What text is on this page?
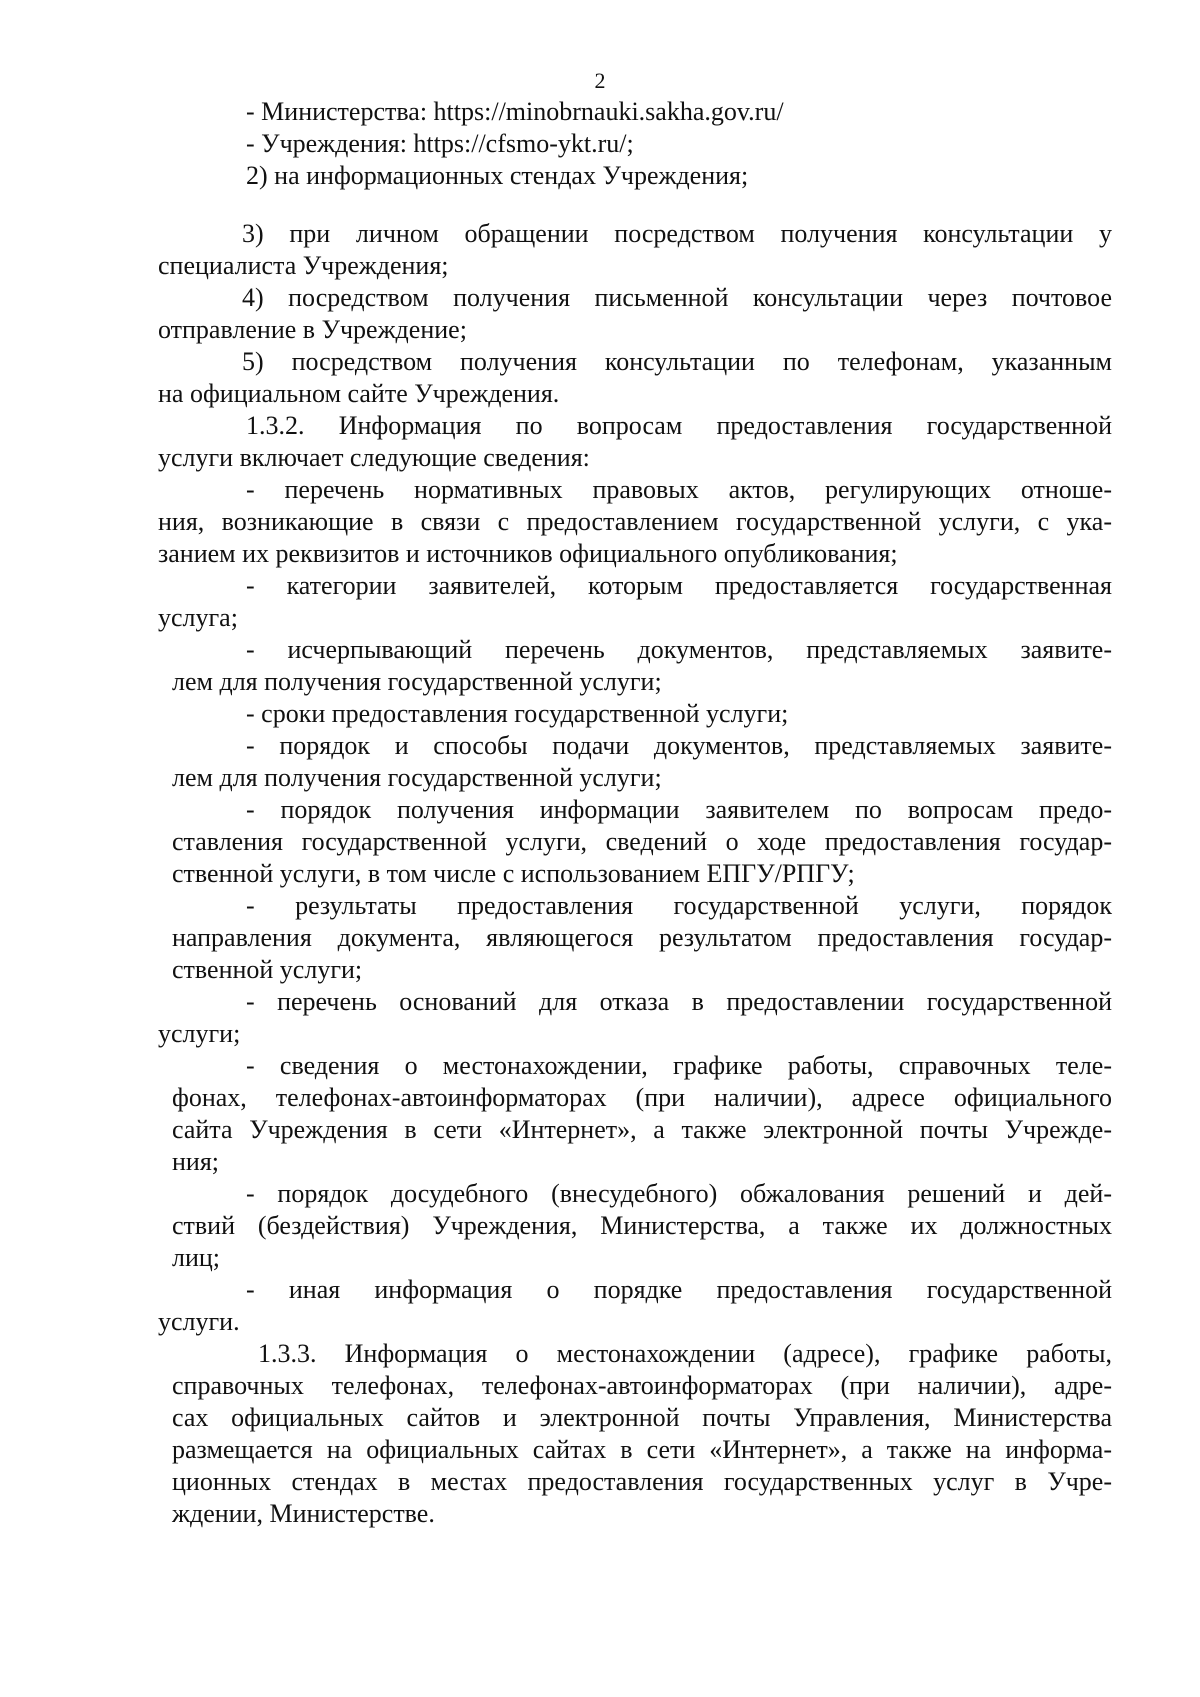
2
- Министерства: https://minobrnauki.sakha.gov.ru/
- Учреждения: https://cfsmo-ykt.ru/;
2) на информационных стендах Учреждения;
3) при личном обращении посредством получения консультации у
специалиста Учреждения;
4) посредством получения письменной консультации через почтовое
отправление в Учреждение;
5) посредством получения консультации по телефонам, указанным
на официальном сайте Учреждения.
1.3.2. Информация по вопросам предоставления государственной
услуги включает следующие сведения:
- перечень нормативных правовых актов, регулирующих отноше-
ния, возникающие в связи с предоставлением государственной услуги, с ука-
занием их реквизитов и источников официального опубликования;
- категории заявителей, которым предоставляется государственная
услуга;
- исчерпывающий перечень документов, представляемых заявите-
лем для получения государственной услуги;
- сроки предоставления государственной услуги;
- порядок и способы подачи документов, представляемых заявите-
лем для получения государственной услуги;
- порядок получения информации заявителем по вопросам предо-
ставления государственной услуги, сведений о ходе предоставления государ-
ственной услуги, в том числе с использованием ЕПГУ/РПГУ;
- результаты предоставления государственной услуги, порядок
направления документа, являющегося результатом предоставления государ-
ственной услуги;
- перечень оснований для отказа в предоставлении государственной
услуги;
- сведения о местонахождении, графике работы, справочных теле-
фонах, телефонах-автоинформаторах (при наличии), адресе официального
сайта Учреждения в сети «Интернет», а также электронной почты Учрежде-
ния;
- порядок досудебного (внесудебного) обжалования решений и дей-
ствий (бездействия) Учреждения, Министерства, а также их должностных
лиц;
- иная информация о порядке предоставления государственной
услуги.
1.3.3. Информация о местонахождении (адресе), графике работы,
справочных телефонах, телефонах-автоинформаторах (при наличии), адре-
сах официальных сайтов и электронной почты Управления, Министерства
размещается на официальных сайтах в сети «Интернет», а также на информа-
ционных стендах в местах предоставления государственных услуг в Учре-
ждении, Министерстве.
